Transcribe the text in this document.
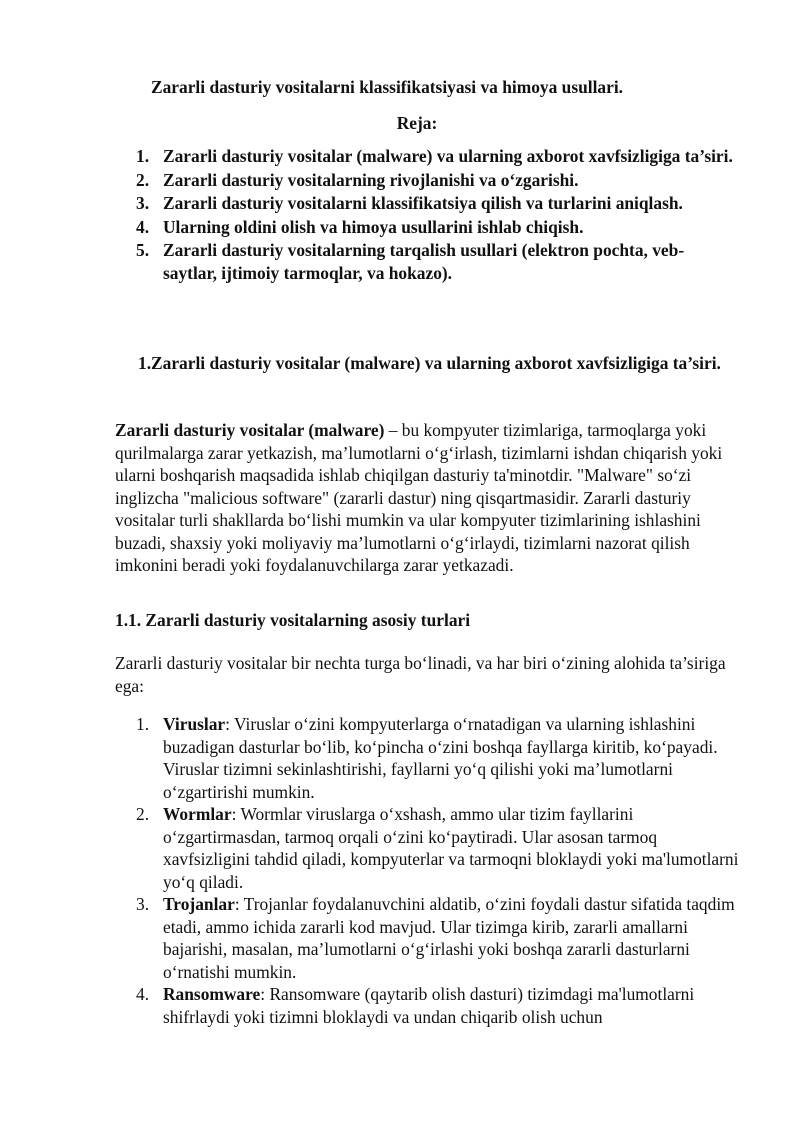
Zararli dasturiy vositalarni klassifikatsiyasi va himoya usullari.
Reja:
1. Zararli dasturiy vositalar (malware) va ularning axborot xavfsizligiga ta’siri.
2. Zararli dasturiy vositalarning rivojlanishi va o‘zgarishi.
3. Zararli dasturiy vositalarni klassifikatsiya qilish va turlarini aniqlash.
4. Ularning oldini olish va himoya usullarini ishlab chiqish.
5. Zararli dasturiy vositalarning tarqalish usullari (elektron pochta, veb-saytlar, ijtimoiy tarmoqlar, va hokazo).
1.Zararli dasturiy vositalar (malware) va ularning axborot xavfsizligiga ta’siri.
Zararli dasturiy vositalar (malware) – bu kompyuter tizimlariga, tarmoqlarga yoki qurilmalarga zarar yetkazish, ma’lumotlarni o‘g‘irlash, tizimlarni ishdan chiqarish yoki ularni boshqarish maqsadida ishlab chiqilgan dasturiy ta'minotdir. "Malware" so‘zi inglizcha "malicious software" (zararli dastur) ning qisqartmasidir. Zararli dasturiy vositalar turli shakllarda bo‘lishi mumkin va ular kompyuter tizimlarining ishlashini buzadi, shaxsiy yoki moliyaviy ma’lumotlarni o‘g‘irlaydi, tizimlarni nazorat qilish imkonini beradi yoki foydalanuvchilarga zarar yetkazadi.
1.1. Zararli dasturiy vositalarning asosiy turlari
Zararli dasturiy vositalar bir nechta turga bo‘linadi, va har biri o‘zining alohida ta’siriga ega:
1. Viruslar: Viruslar o‘zini kompyuterlarga o‘rnatadigan va ularning ishlashini buzadigan dasturlar bo‘lib, ko‘pincha o‘zini boshqa fayllarga kiritib, ko‘payadi. Viruslar tizimni sekinlashtirishi, fayllarni yo‘q qilishi yoki ma’lumotlarni o‘zgartirishi mumkin.
2. Wormlar: Wormlar viruslarga o‘xshash, ammo ular tizim fayllarini o‘zgartirmasdan, tarmoq orqali o‘zini ko‘paytiradi. Ular asosan tarmoq xavfsizligini tahdid qiladi, kompyuterlar va tarmoqni bloklaydi yoki ma'lumotlarni yo‘q qiladi.
3. Trojanlar: Trojanlar foydalanuvchini aldatib, o‘zini foydali dastur sifatida taqdim etadi, ammo ichida zararli kod mavjud. Ular tizimga kirib, zararli amallarni bajarishi, masalan, ma’lumotlarni o‘g‘irlashi yoki boshqa zararli dasturlarni o‘rnatishi mumkin.
4. Ransomware: Ransomware (qaytarib olish dasturi) tizimdagi ma'lumotlarni shifrlaydi yoki tizimni bloklaydi va undan chiqarib olish uchun
